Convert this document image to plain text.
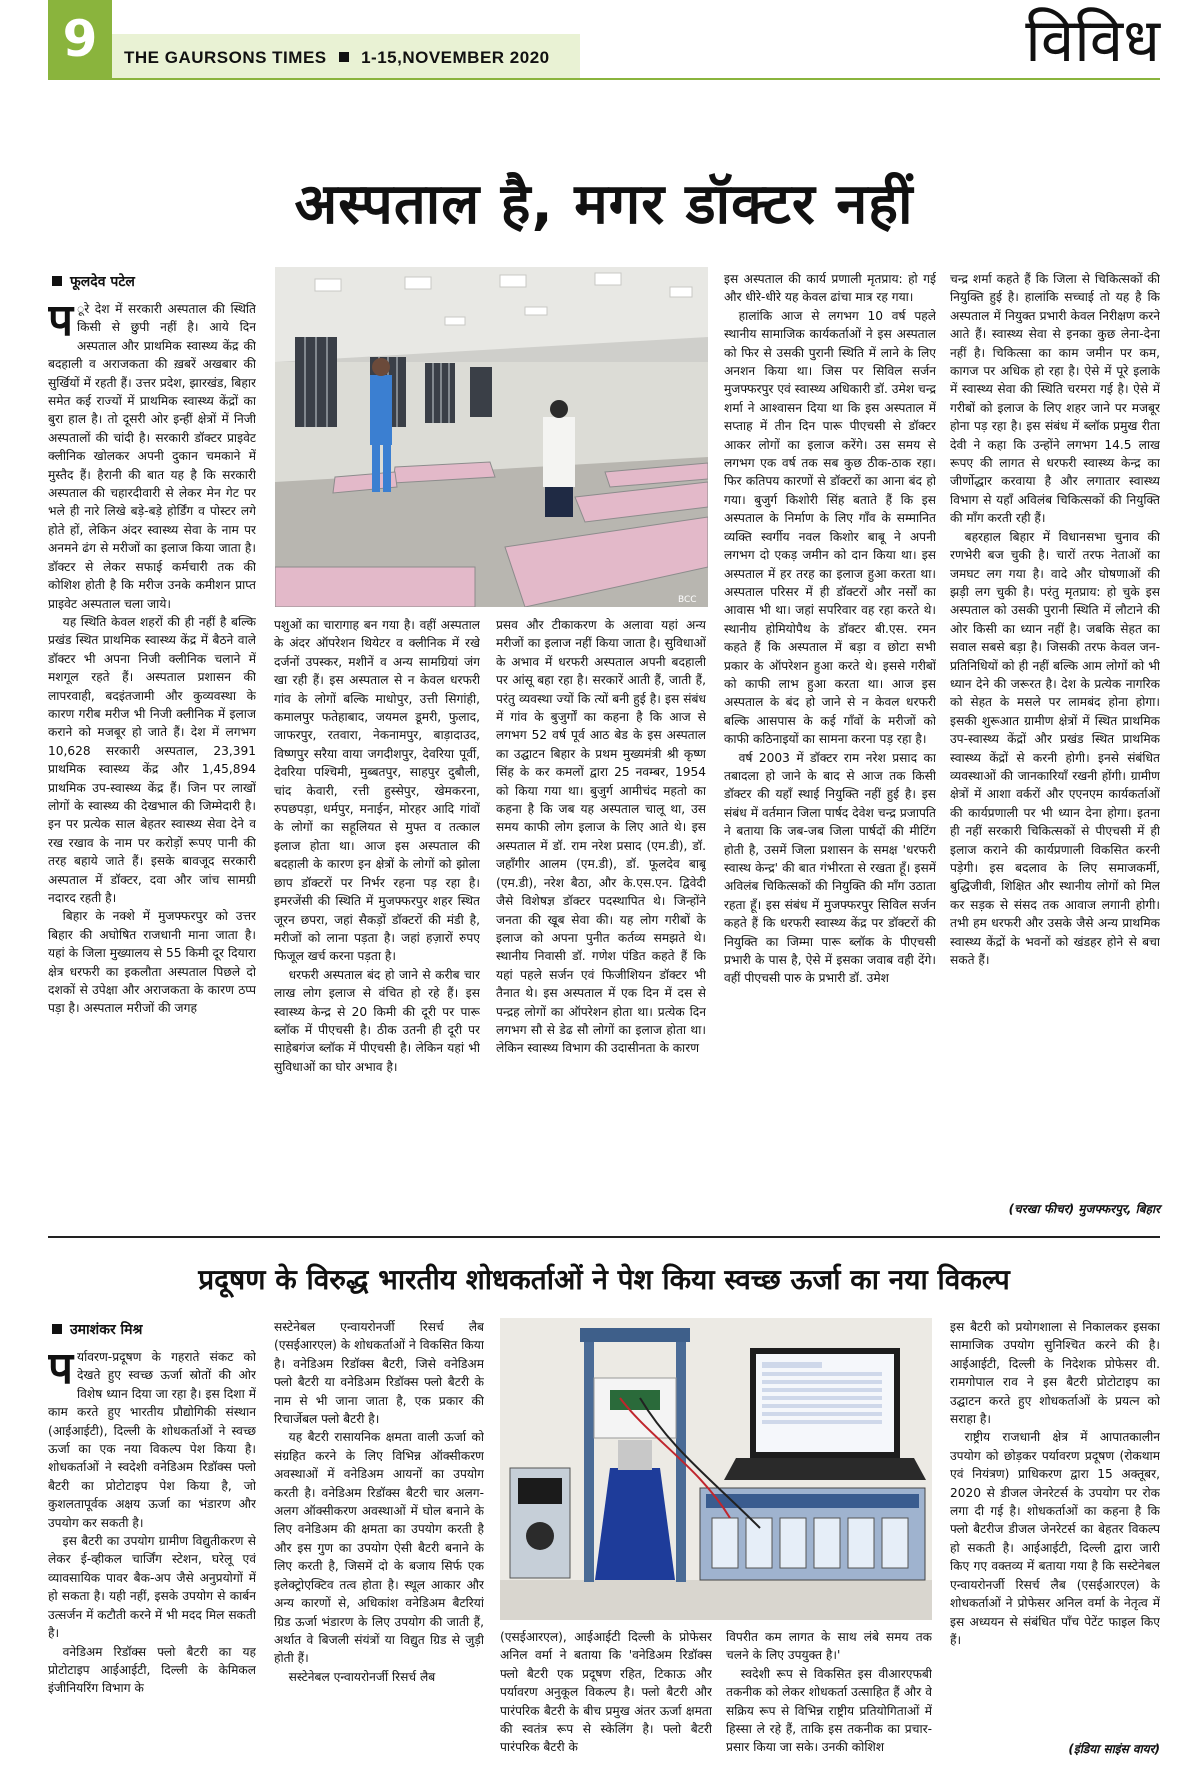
9	THE GAURSONS TIMES 1-15,NOVEMBER 2020	विविध
अस्पताल है, मगर डॉक्टर नहीं
फूलदेव पटेल

प ूरे देश में सरकारी अस्पताल की स्थिति किसी से छुपी नहीं है। आये दिन अस्पताल और प्राथमिक स्वास्थ्य केंद्र की बदहाली व अराजकता की ख़बरें अखबार की सुर्खियों में रहती हैं। उत्तर प्रदेश, झारखंड, बिहार समेत कई राज्यों में प्राथमिक स्वास्थ्य केंद्रों का बुरा हाल है। तो दूसरी ओर इन्हीं क्षेत्रों में निजी अस्पतालों की चांदी है। सरकारी डॉक्टर प्राइवेट क्लीनिक खोलकर अपनी दुकान चमकाने में मुस्तैद हैं। हैरानी की बात यह है कि सरकारी अस्पताल की चहारदीवारी से लेकर मेन गेट पर भले ही नारे लिखे बड़े-बड़े होर्डिंग व पोस्टर लगे होते हों, लेकिन अंदर स्वास्थ्य सेवा के नाम पर अनमने ढंग से मरीजों का इलाज किया जाता है। डॉक्टर से लेकर सफाई कर्मचारी तक की कोशिश होती है कि मरीज उनके कमीशन प्राप्त प्राइवेट अस्पताल चला जाये।

यह स्थिति केवल शहरों की ही नहीं है बल्कि प्रखंड स्थित प्राथमिक स्वास्थ्य केंद्र में बैठने वाले डॉक्टर भी अपना निजी क्लीनिक चलाने में मशगूल रहते हैं। अस्पताल प्रशासन की लापरवाही, बदइंतजामी और कुव्यवस्था के कारण गरीब मरीज भी निजी क्लीनिक में इलाज कराने को मजबूर हो जाते हैं। देश में लगभग 10,628 सरकारी अस्पताल, 23,391 प्राथमिक स्वास्थ्य केंद्र और 1,45,894 प्राथमिक उप-स्वास्थ्य केंद्र हैं। जिन पर लाखों लोगों के स्वास्थ्य की देखभाल की जिम्मेदारी है। इन पर प्रत्येक साल बेहतर स्वास्थ्य सेवा देने व रख रखाव के नाम पर करोड़ों रूपए पानी की तरह बहाये जाते हैं। इसके बावजूद सरकारी अस्पताल में डॉक्टर, दवा और जांच सामग्री नदारद रहती है।

बिहार के नक्शे में मुजफ्फरपुर को उत्तर बिहार की अघोषित राजधानी माना जाता है। यहां के जिला मुख्यालय से 55 किमी दूर दियारा क्षेत्र धरफरी का इकलौता अस्पताल पिछले दो दशकों से उपेक्षा और अराजकता के कारण ठप्प पड़ा है। अस्पताल मरीजों की जगह

BCC

पशुओं का चारागाह बन गया है। वहीं अस्पताल के अंदर ऑपरेशन थियेटर व क्लीनिक में रखे दर्जनों उपस्कर, मशीनें व अन्य सामग्रियां जंग खा रही हैं। इस अस्पताल से न केवल धरफरी गांव के लोगों बल्कि माधोपुर, उत्ती सिगांही, कमालपुर फतेहाबाद, जयमल डूमरी, फुलाद, जाफरपुर, रतवारा, नेकनामपुर, बाड़ादाउद, विष्णपुर सरैया वाया जगदीशपुर, देवरिया पूर्वी, देवरिया पश्चिमी, मुब्बतपुर, साहपुर दुबौली, चांद केवारी, रत्ती हुस्सेपुर, खेमकरना, रुपछपड़ा, धर्मपुर, मनाईन, मोरहर आदि गांवों के लोगों का सहूलियत से मुफ्त व तत्काल इलाज होता था। आज इस अस्पताल की बदहाली के कारण इन क्षेत्रों के लोगों को झोला छाप डॉक्टरों पर निर्भर रहना पड़ रहा है। इमरजेंसी की स्थिति में मुजफ्फरपुर शहर स्थित जूरन छपरा, जहां सैकड़ों डॉक्टरों की मंडी है, मरीजों को लाना पड़ता है। जहां हज़ारों रुपए फिजूल खर्च करना पड़ता है।

धरफरी अस्पताल बंद हो जाने से करीब चार लाख लोग इलाज से वंचित हो रहे हैं। इस स्वास्थ्य केन्द्र से 20 किमी की दूरी पर पारू ब्लॉक में पीएचसी है। ठीक उतनी ही दूरी पर साहेबगंज ब्लॉक में पीएचसी है। लेकिन यहां भी सुविधाओं का घोर अभाव है।

प्रसव और टीकाकरण के अलावा यहां अन्य मरीजों का इलाज नहीं किया जाता है। सुविधाओं के अभाव में धरफरी अस्पताल अपनी बदहाली पर आंसू बहा रहा है। सरकारें आती हैं, जाती हैं, परंतु व्यवस्था ज्यों कि त्यों बनी हुई है। इस संबंध में गांव के बुजुर्गों का कहना है कि आज से लगभग 52 वर्ष पूर्व आठ बेड के इस अस्पताल का उद्घाटन बिहार के प्रथम मुख्यमंत्री श्री कृष्ण सिंह के कर कमलों द्वारा 25 नवम्बर, 1954 को किया गया था। बुजुर्ग आमीचंद महतो का कहना है कि जब यह अस्पताल चालू था, उस समय काफी लोग इलाज के लिए आते थे। इस अस्पताल में डॉ. राम नरेश प्रसाद (एम.डी), डॉ. जहाँगीर आलम (एम.डी), डॉ. फूलदेव बाबू (एम.डी), नरेश बैठा, और के.एस.एन. द्विवेदी जैसे विशेषज्ञ डॉक्टर पदस्थापित थे। जिन्होंने जनता की खूब सेवा की। यह लोग गरीबों के इलाज को अपना पुनीत कर्तव्य समझते थे। स्थानीय निवासी डॉ. गणेश पंडित कहते हैं कि यहां पहले सर्जन एवं फिजीशियन डॉक्टर भी तैनात थे। इस अस्पताल में एक दिन में दस से पन्द्रह लोगों का ऑपरेशन होता था। प्रत्येक दिन लगभग सौ से डेढ सौ लोगों का इलाज होता था। लेकिन स्वास्थ्य विभाग की उदासीनता के कारण

इस अस्पताल की कार्य प्रणाली मृतप्राय: हो गई और धीरे-धीरे यह केवल ढांचा मात्र रह गया।

हालांकि आज से लगभग 10 वर्ष पहले स्थानीय सामाजिक कार्यकर्ताओं ने इस अस्पताल को फिर से उसकी पुरानी स्थिति में लाने के लिए अनशन किया था। जिस पर सिविल सर्जन मुजफ्फरपुर एवं स्वास्थ्य अधिकारी डॉ. उमेश चन्द्र शर्मा ने आश्वासन दिया था कि इस अस्पताल में सप्ताह में तीन दिन पारू पीएचसी से डॉक्टर आकर लोगों का इलाज करेंगे। उस समय से लगभग एक वर्ष तक सब कुछ ठीक-ठाक रहा। फिर कतिपय कारणों से डॉक्टरों का आना बंद हो गया। बुजुर्ग किशोरी सिंह बताते हैं कि इस अस्पताल के निर्माण के लिए गाँव के सम्मानित व्यक्ति स्वर्गीय नवल किशोर बाबू ने अपनी लगभग दो एकड़ जमीन को दान किया था। इस अस्पताल में हर तरह का इलाज हुआ करता था। अस्पताल परिसर में ही डॉक्टरों और नर्सों का आवास भी था। जहां सपरिवार वह रहा करते थे। स्थानीय होमियोपैथ के डॉक्टर बी.एस. रमन कहते हैं कि अस्पताल में बड़ा व छोटा सभी प्रकार के ऑपरेशन हुआ करते थे। इससे गरीबों को काफी लाभ हुआ करता था। आज इस अस्पताल के बंद हो जाने से न केवल धरफरी बल्कि आसपास के कई गाँवों के मरीजों को काफी कठिनाइयों का सामना करना पड़ रहा है।

वर्ष 2003 में डॉक्टर राम नरेश प्रसाद का तबादला हो जाने के बाद से आज तक किसी डॉक्टर की यहाँ स्थाई नियुक्ति नहीं हुई है। इस संबंध में वर्तमान जिला पार्षद देवेश चन्द्र प्रजापति ने बताया कि जब-जब जिला पार्षदों की मीटिंग होती है, उसमें जिला प्रशासन के समक्ष 'धरफरी स्वास्थ केन्द्र' की बात गंभीरता से रखता हूँ। इसमें अविलंब चिकित्सकों की नियुक्ति की माँग उठाता रहता हूँ। इस संबंध में मुजफ्फरपुर सिविल सर्जन कहते हैं कि धरफरी स्वास्थ्य केंद्र पर डॉक्टरों की नियुक्ति का जिम्मा पारू ब्लॉक के पीएचसी प्रभारी के पास है, ऐसे में इसका जवाब वही देंगे। वहीं पीएचसी पारु के प्रभारी डॉ. उमेश

चन्द्र शर्मा कहते हैं कि जिला से चिकित्सकों की नियुक्ति हुई है। हालांकि सच्चाई तो यह है कि अस्पताल में नियुक्त प्रभारी केवल निरीक्षण करने आते हैं। स्वास्थ्य सेवा से इनका कुछ लेना-देना नहीं है। चिकित्सा का काम जमीन पर कम, कागज पर अधिक हो रहा है। ऐसे में पूरे इलाके में स्वास्थ्य सेवा की स्थिति चरमरा गई है। ऐसे में गरीबों को इलाज के लिए शहर जाने पर मजबूर होना पड़ रहा है। इस संबंध में ब्लॉक प्रमुख रीता देवी ने कहा कि उन्होंने लगभग 14.5 लाख रूपए की लागत से धरफरी स्वास्थ्य केन्द्र का जीर्णोद्धार करवाया है और लगातार स्वास्थ्य विभाग से यहाँ अविलंब चिकित्सकों की नियुक्ति की माँग करती रही हैं।

बहरहाल बिहार में विधानसभा चुनाव की रणभेरी बज चुकी है। चारों तरफ नेताओं का जमघट लग गया है। वादे और घोषणाओं की झड़ी लग चुकी है। परंतु मृतप्राय: हो चुके इस अस्पताल को उसकी पुरानी स्थिति में लौटाने की ओर किसी का ध्यान नहीं है। जबकि सेहत का सवाल सबसे बड़ा है। जिसकी तरफ केवल जन-प्रतिनिधियों को ही नहीं बल्कि आम लोगों को भी ध्यान देने की जरूरत है। देश के प्रत्येक नागरिक को सेहत के मसले पर लामबंद होना होगा। इसकी शुरूआत ग्रामीण क्षेत्रों में स्थित प्राथमिक उप-स्वास्थ्य केंद्रों और प्रखंड स्थित प्राथमिक स्वास्थ्य केंद्रों से करनी होगी। इनसे संबंधित व्यवस्थाओं की जानकारियाँ रखनी होंगी। ग्रामीण क्षेत्रों में आशा वर्करों और एएनएम कार्यकर्ताओं की कार्यप्रणाली पर भी ध्यान देना होगा। इतना ही नहीं सरकारी चिकित्सकों से पीएचसी में ही इलाज कराने की कार्यप्रणाली विकसित करनी पड़ेगी। इस बदलाव के लिए समाजकर्मी, बुद्धिजीवी, शिक्षित और स्थानीय लोगों को मिल कर सड़क से संसद तक आवाज लगानी होगी। तभी हम धरफरी और उसके जैसे अन्य प्राथमिक स्वास्थ्य केंद्रों के भवनों को खंडहर होने से बचा सकते हैं।

(चरखा फीचर) मुजफ्फरपुर, बिहार
प्रदूषण के विरुद्ध भारतीय शोधकर्ताओं ने पेश किया स्वच्छ ऊर्जा का नया विकल्प
उमाशंकर मिश्र

पर्यावरण-प्रदूषण के गहराते संकट को देखते हुए स्वच्छ ऊर्जा स्रोतों की ओर विशेष ध्यान दिया जा रहा है। इस दिशा में काम करते हुए भारतीय प्रौद्योगिकी संस्थान (आईआईटी), दिल्ली के शोधकर्ताओं ने स्वच्छ ऊर्जा का एक नया विकल्प पेश किया है। शोधकर्ताओं ने स्वदेशी वनेडिअम रिडॉक्स फ्लो बैटरी का प्रोटोटाइप पेश किया है, जो कुशलतापूर्वक अक्षय ऊर्जा का भंडारण और उपयोग कर सकती है।

इस बैटरी का उपयोग ग्रामीण विद्युतीकरण से लेकर ई-व्हीकल चार्जिंग स्टेशन, घरेलू एवं व्यावसायिक पावर बैक-अप जैसे अनुप्रयोगों में हो सकता है। यही नहीं, इसके उपयोग से कार्बन उत्सर्जन में कटौती करने में भी मदद मिल सकती है।

वनेडिअम रिडॉक्स फ्लो बैटरी का यह प्रोटोटाइप आईआईटी, दिल्ली के केमिकल इंजीनियरिंग विभाग के

सस्टेनेबल एन्वायरोनर्जी रिसर्च लैब (एसईआरएल) के शोधकर्ताओं ने विकसित किया है। वनेडिअम रिडॉक्स बैटरी, जिसे वनेडिअम फ्लो बैटरी या वनेडिअम रिडॉक्स फ्लो बैटरी के नाम से भी जाना जाता है, एक प्रकार की रिचार्जेबल फ्लो बैटरी है।

यह बैटरी रासायनिक क्षमता वाली ऊर्जा को संग्रहित करने के लिए विभिन्न ऑक्सीकरण अवस्थाओं में वनेडिअम आयनों का उपयोग करती है। वनेडिअम रिडॉक्स बैटरी चार अलग-अलग ऑक्सीकरण अवस्थाओं में घोल बनाने के लिए वनेडिअम की क्षमता का उपयोग करती है और इस गुण का उपयोग ऐसी बैटरी बनाने के लिए करती है, जिसमें दो के बजाय सिर्फ एक इलेक्ट्रोएक्टिव तत्व होता है। स्थूल आकार और अन्य कारणों से, अधिकांश वनेडिअम बैटरियां ग्रिड ऊर्जा भंडारण के लिए उपयोग की जाती हैं, अर्थात वे बिजली संयंत्रों या विद्युत ग्रिड से जुड़ी होती हैं।

सस्टेनेबल एन्वायरोनर्जी रिसर्च लैब

(एसईआरएल), आईआईटी दिल्ली के प्रोफेसर अनिल वर्मा ने बताया कि 'वनेडिअम रिडॉक्स फ्लो बैटरी एक प्रदूषण रहित, टिकाऊ और पर्यावरण अनुकूल विकल्प है। फ्लो बैटरी और पारंपरिक बैटरी के बीच प्रमुख अंतर ऊर्जा क्षमता की स्वतंत्र रूप से स्केलिंग है। फ्लो बैटरी पारंपरिक बैटरी के

विपरीत कम लागत के साथ लंबे समय तक चलने के लिए उपयुक्त है।'

स्वदेशी रूप से विकसित इस वीआरएफबी तकनीक को लेकर शोधकर्ता उत्साहित हैं और वे सक्रिय रूप से विभिन्न राष्ट्रीय प्रतियोगिताओं में हिस्सा ले रहे हैं, ताकि इस तकनीक का प्रचार-प्रसार किया जा सके। उनकी कोशिश

इस बैटरी को प्रयोगशाला से निकालकर इसका सामाजिक उपयोग सुनिश्चित करने की है। आईआईटी, दिल्ली के निदेशक प्रोफेसर वी. रामगोपाल राव ने इस बैटरी प्रोटोटाइप का उद्घाटन करते हुए शोधकर्ताओं के प्रयत्न को सराहा है।

राष्ट्रीय राजधानी क्षेत्र में आपातकालीन उपयोग को छोड़कर पर्यावरण प्रदूषण (रोकथाम एवं नियंत्रण) प्राधिकरण द्वारा 15 अक्तूबर, 2020 से डीजल जेनरेटर्स के उपयोग पर रोक लगा दी गई है। शोधकर्ताओं का कहना है कि फ्लो बैटरीज डीजल जेनरेटर्स का बेहतर विकल्प हो सकती है। आईआईटी, दिल्ली द्वारा जारी किए गए वक्तव्य में बताया गया है कि सस्टेनेबल एन्वायरोनर्जी रिसर्च लैब (एसईआरएल) के शोधकर्ताओं ने प्रोफेसर अनिल वर्मा के नेतृत्व में इस अध्ययन से संबंधित पाँच पेटेंट फाइल किए हैं।

(इंडिया साइंस वायर)
